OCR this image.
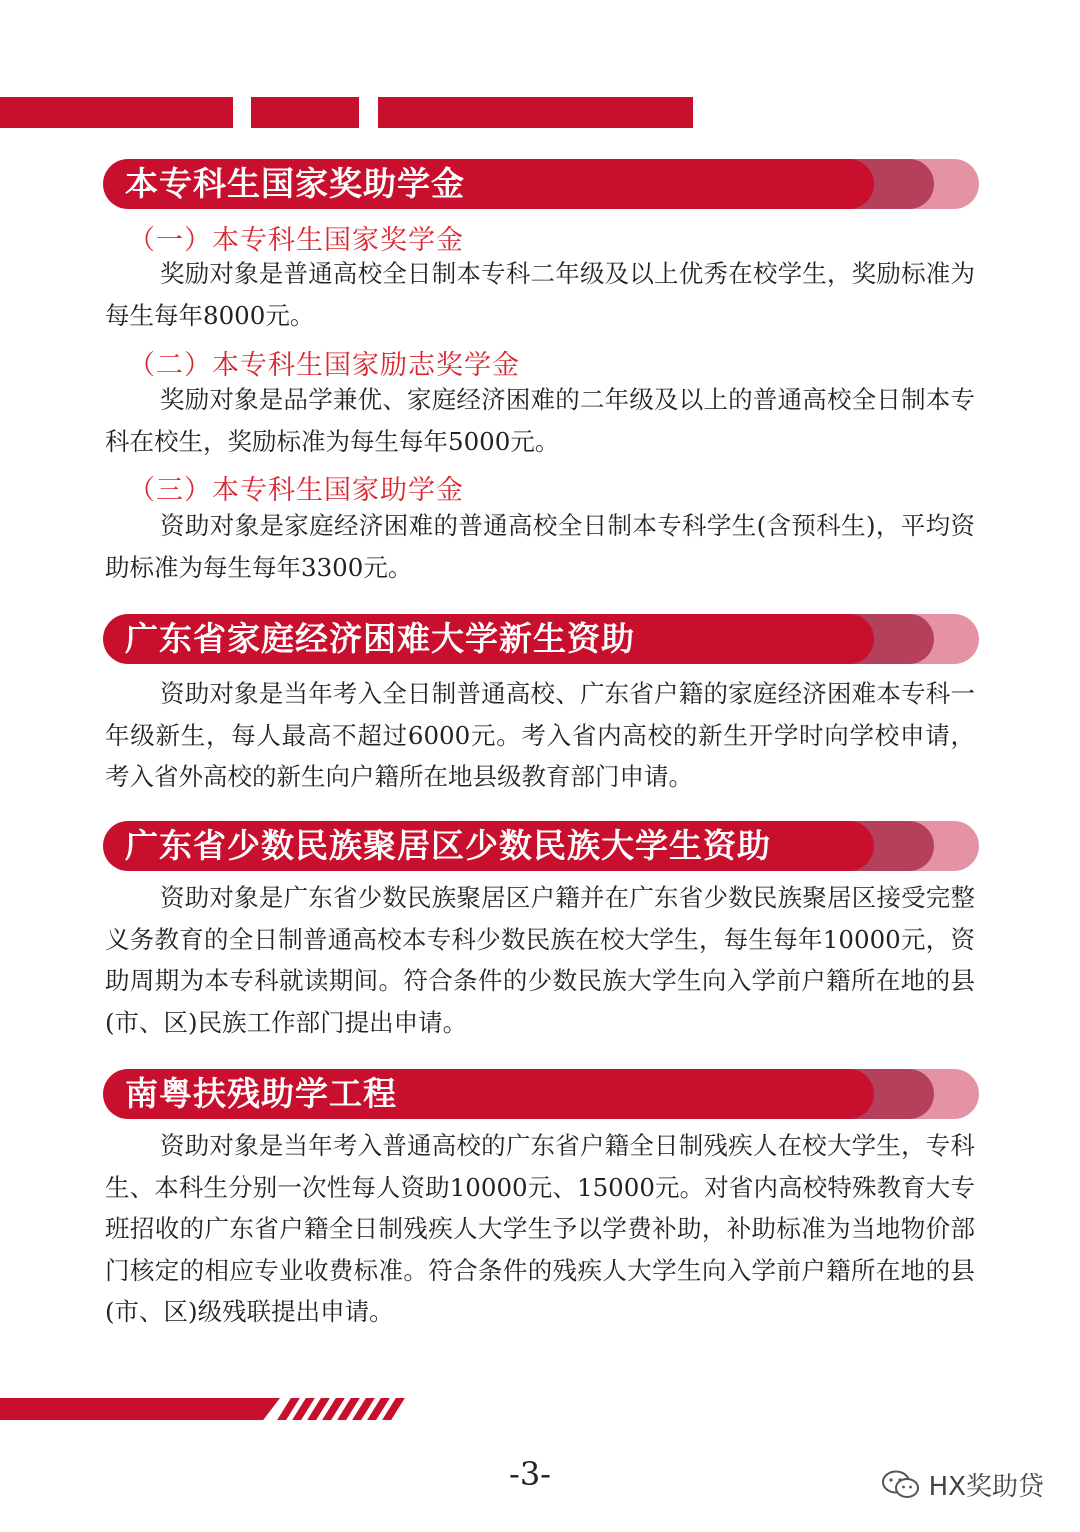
本专科生国家奖助学金
（一）本专科生国家奖学金

奖励对象是普通高校全日制本专科二年级及以上优秀在校学生，奖励标准为每生每年8000元。

（二）本专科生国家励志奖学金

奖励对象是品学兼优、家庭经济困难的二年级及以上的普通高校全日制本专科在校生，奖励标准为每生每年5000元。

（三）本专科生国家助学金

资助对象是家庭经济困难的普通高校全日制本专科学生(含预科生)，平均资助标准为每生每年3300元。

广东省家庭经济困难大学新生资助

资助对象是当年考入全日制普通高校、广东省户籍的家庭经济困难本专科一年级新生，每人最高不超过6000元。考入省内高校的新生开学时向学校申请，考入省外高校的新生向户籍所在地县级教育部门申请。

广东省少数民族聚居区少数民族大学生资助

资助对象是广东省少数民族聚居区户籍并在广东省少数民族聚居区接受完整义务教育的全日制普通高校本专科少数民族在校大学生，每生每年10000元，资助周期为本专科就读期间。符合条件的少数民族大学生向入学前户籍所在地的县(市、区)民族工作部门提出申请。

南粤扶残助学工程

资助对象是当年考入普通高校的广东省户籍全日制残疾人在校大学生，专科生、本科生分别一次性每人资助10000元、15000元。对省内高校特殊教育大专班招收的广东省户籍全日制残疾人大学生予以学费补助，补助标准为当地物价部门核定的相应专业收费标准。符合条件的残疾人大学生向入学前户籍所在地的县(市、区)级残联提出申请。

-3-	HX奖助贷
